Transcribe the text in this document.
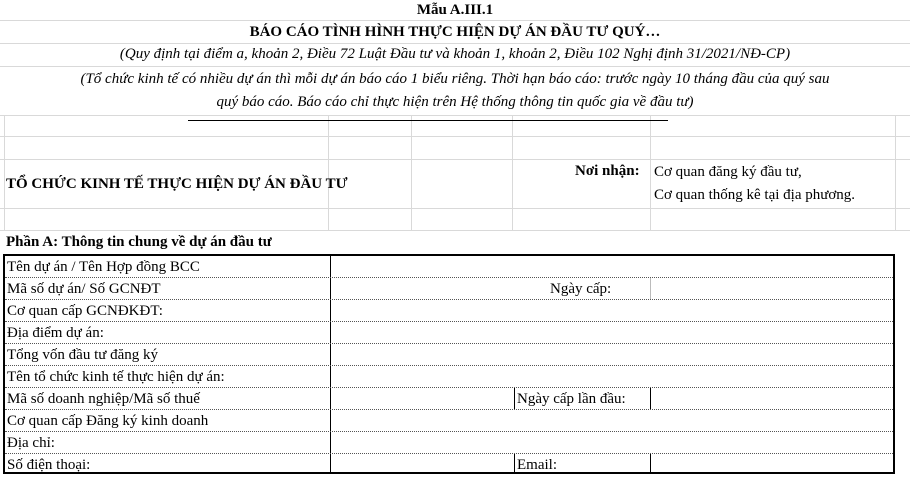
Mẫu A.III.1
BÁO CÁO TÌNH HÌNH THỰC HIỆN DỰ ÁN ĐẦU TƯ QUÝ…
(Quy định tại điểm a, khoản 2, Điều 72 Luật Đầu tư và khoản 1, khoản 2, Điều 102 Nghị định 31/2021/NĐ-CP)
(Tổ chức kinh tế có nhiều dự án thì mỗi dự án báo cáo 1 biểu riêng. Thời hạn báo cáo: trước ngày 10 tháng đầu của quý sau
quý báo cáo. Báo cáo chỉ thực hiện trên Hệ thống thông tin quốc gia về đầu tư)
TỔ CHỨC KINH TẾ THỰC HIỆN DỰ ÁN ĐẦU TƯ
Nơi nhận: Cơ quan đăng ký đầu tư,
Cơ quan thống kê tại địa phương.
Phần A: Thông tin chung về dự án đầu tư
Tên dự án / Tên Hợp đồng BCC
Mã số dự án/ Số GCNĐT	Ngày cấp:
Cơ quan cấp GCNĐKĐT:
Địa điểm dự án:
Tổng vốn đầu tư đăng ký
Tên tổ chức kinh tế thực hiện dự án:
Mã số doanh nghiệp/Mã số thuế	Ngày cấp lần đầu:
Cơ quan cấp Đăng ký kinh doanh
Địa chỉ:
Số điện thoại:	Email:
